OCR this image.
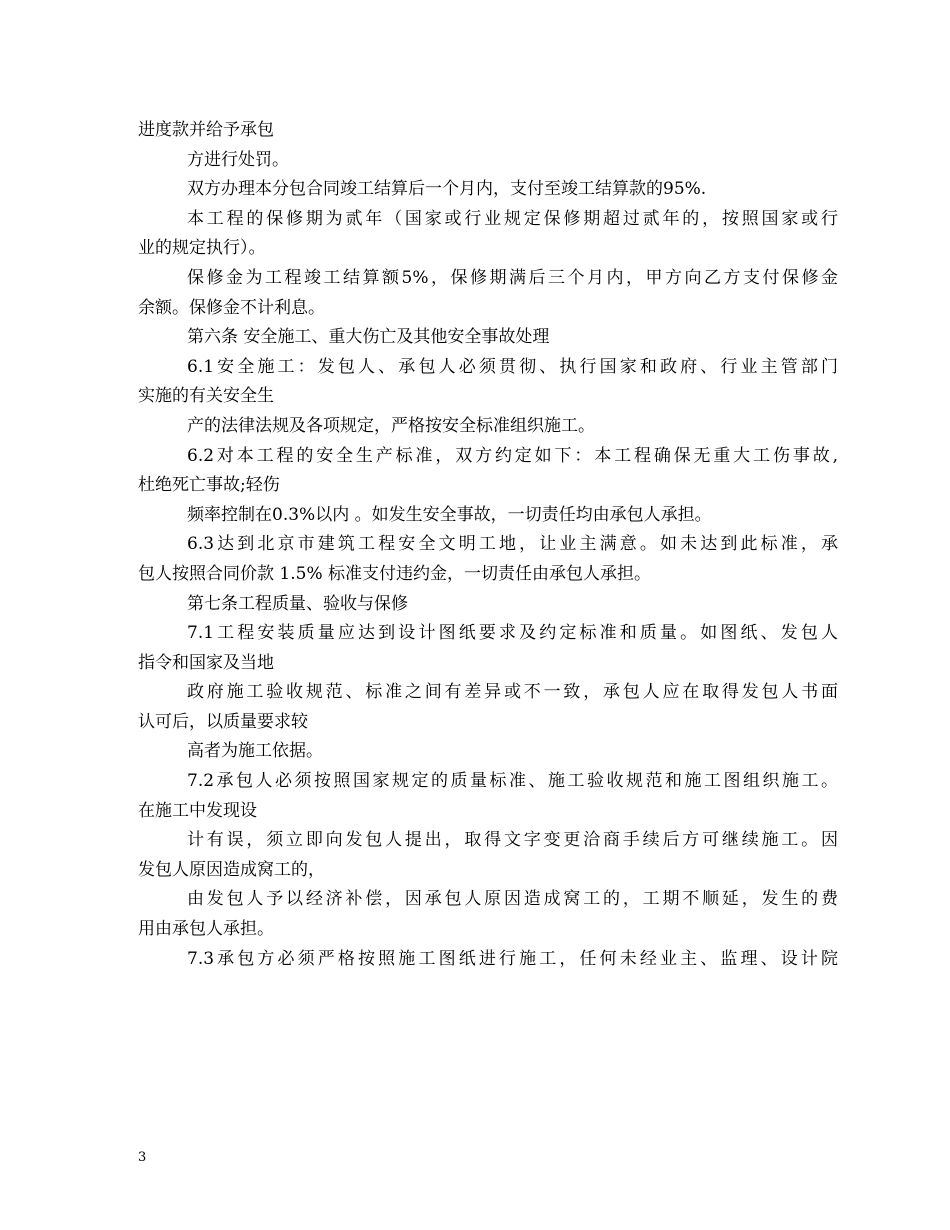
进度款并给予承包
方进行处罚。
双方办理本分包合同竣工结算后一个月内，支付至竣工结算款的95%.
本工程的保修期为贰年（国家或行业规定保修期超过贰年的，按照国家或行
业的规定执行）。
保修金为工程竣工结算额5%，保修期满后三个月内，甲方向乙方支付保修金
余额。保修金不计利息。
第六条 安全施工、重大伤亡及其他安全事故处理
6.1安全施工：发包人、承包人必须贯彻、执行国家和政府、行业主管部门
实施的有关安全生
产的法律法规及各项规定，严格按安全标准组织施工。
6.2对本工程的安全生产标准，双方约定如下：本工程确保无重大工伤事故,
杜绝死亡事故;轻伤
频率控制在0.3%以内 。如发生安全事故，一切责任均由承包人承担。
6.3达到北京市建筑工程安全文明工地，让业主满意。如未达到此标准，承
包人按照合同价款 1.5% 标准支付违约金，一切责任由承包人承担。
第七条工程质量、验收与保修
7.1工程安装质量应达到设计图纸要求及约定标准和质量。如图纸、发包人
指令和国家及当地
政府施工验收规范、标准之间有差异或不一致，承包人应在取得发包人书面
认可后，以质量要求较
高者为施工依据。
7.2承包人必须按照国家规定的质量标准、施工验收规范和施工图组织施工。
在施工中发现设
计有误，须立即向发包人提出，取得文字变更洽商手续后方可继续施工。因
发包人原因造成窝工的，
由发包人予以经济补偿，因承包人原因造成窝工的，工期不顺延，发生的费
用由承包人承担。
7.3承包方必须严格按照施工图纸进行施工，任何未经业主、监理、设计院
3
